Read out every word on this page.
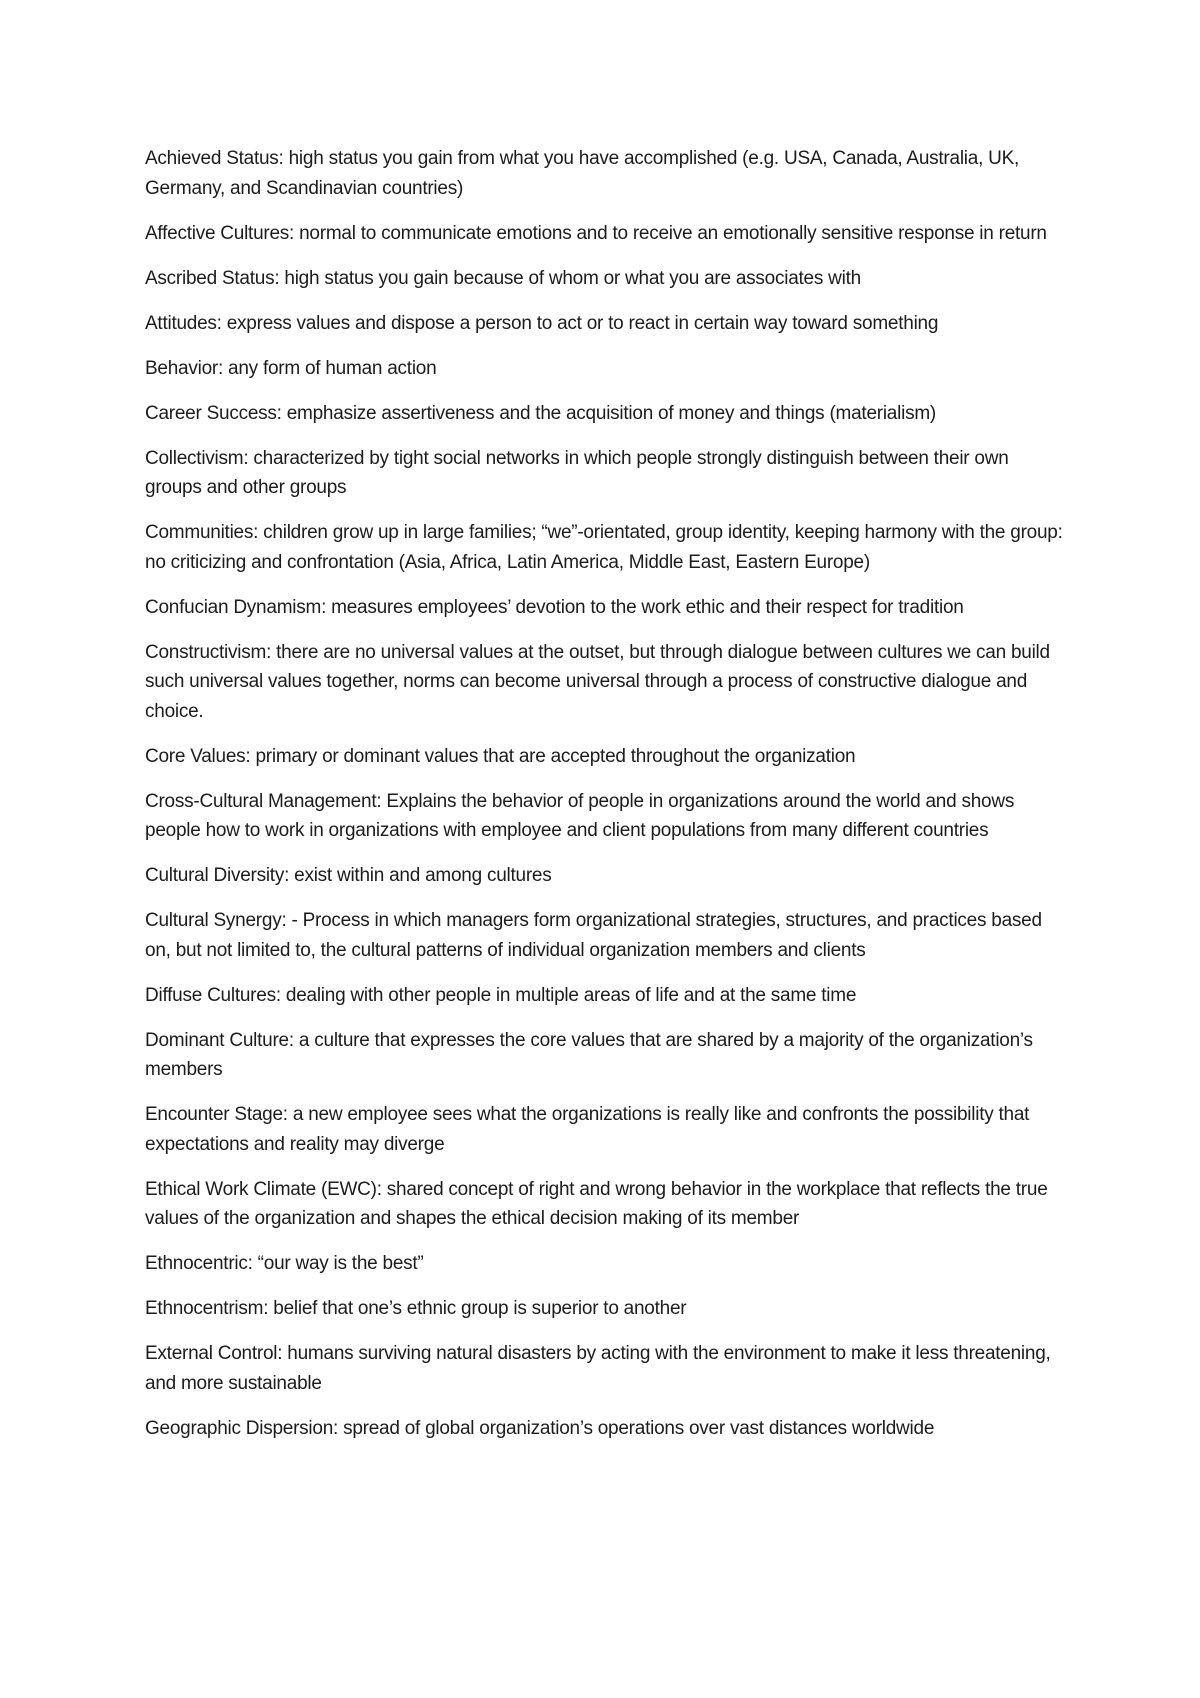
Achieved Status: high status you gain from what you have accomplished (e.g. USA, Canada, Australia, UK, Germany, and Scandinavian countries)

Affective Cultures: normal to communicate emotions and to receive an emotionally sensitive response in return

Ascribed Status: high status you gain because of whom or what you are associates with

Attitudes: express values and dispose a person to act or to react in certain way toward something

Behavior: any form of human action

Career Success: emphasize assertiveness and the acquisition of money and things (materialism)

Collectivism: characterized by tight social networks in which people strongly distinguish between their own groups and other groups

Communities: children grow up in large families; “we”-orientated, group identity, keeping harmony with the group: no criticizing and confrontation (Asia, Africa, Latin America, Middle East, Eastern Europe)

Confucian Dynamism: measures employees’ devotion to the work ethic and their respect for tradition

Constructivism: there are no universal values at the outset, but through dialogue between cultures we can build such universal values together, norms can become universal through a process of constructive dialogue and choice.

Core Values: primary or dominant values that are accepted throughout the organization

Cross-Cultural Management: Explains the behavior of people in organizations around the world and shows people how to work in organizations with employee and client populations from many different countries

Cultural Diversity: exist within and among cultures

Cultural Synergy: - Process in which managers form organizational strategies, structures, and practices based on, but not limited to, the cultural patterns of individual organization members and clients

Diffuse Cultures: dealing with other people in multiple areas of life and at the same time

Dominant Culture: a culture that expresses the core values that are shared by a majority of the organization’s members

Encounter Stage: a new employee sees what the organizations is really like and confronts the possibility that expectations and reality may diverge

Ethical Work Climate (EWC): shared concept of right and wrong behavior in the workplace that reflects the true values of the organization and shapes the ethical decision making of its member

Ethnocentric: “our way is the best”

Ethnocentrism: belief that one’s ethnic group is superior to another

External Control: humans surviving natural disasters by acting with the environment to make it less threatening, and more sustainable

Geographic Dispersion: spread of global organization’s operations over vast distances worldwide
